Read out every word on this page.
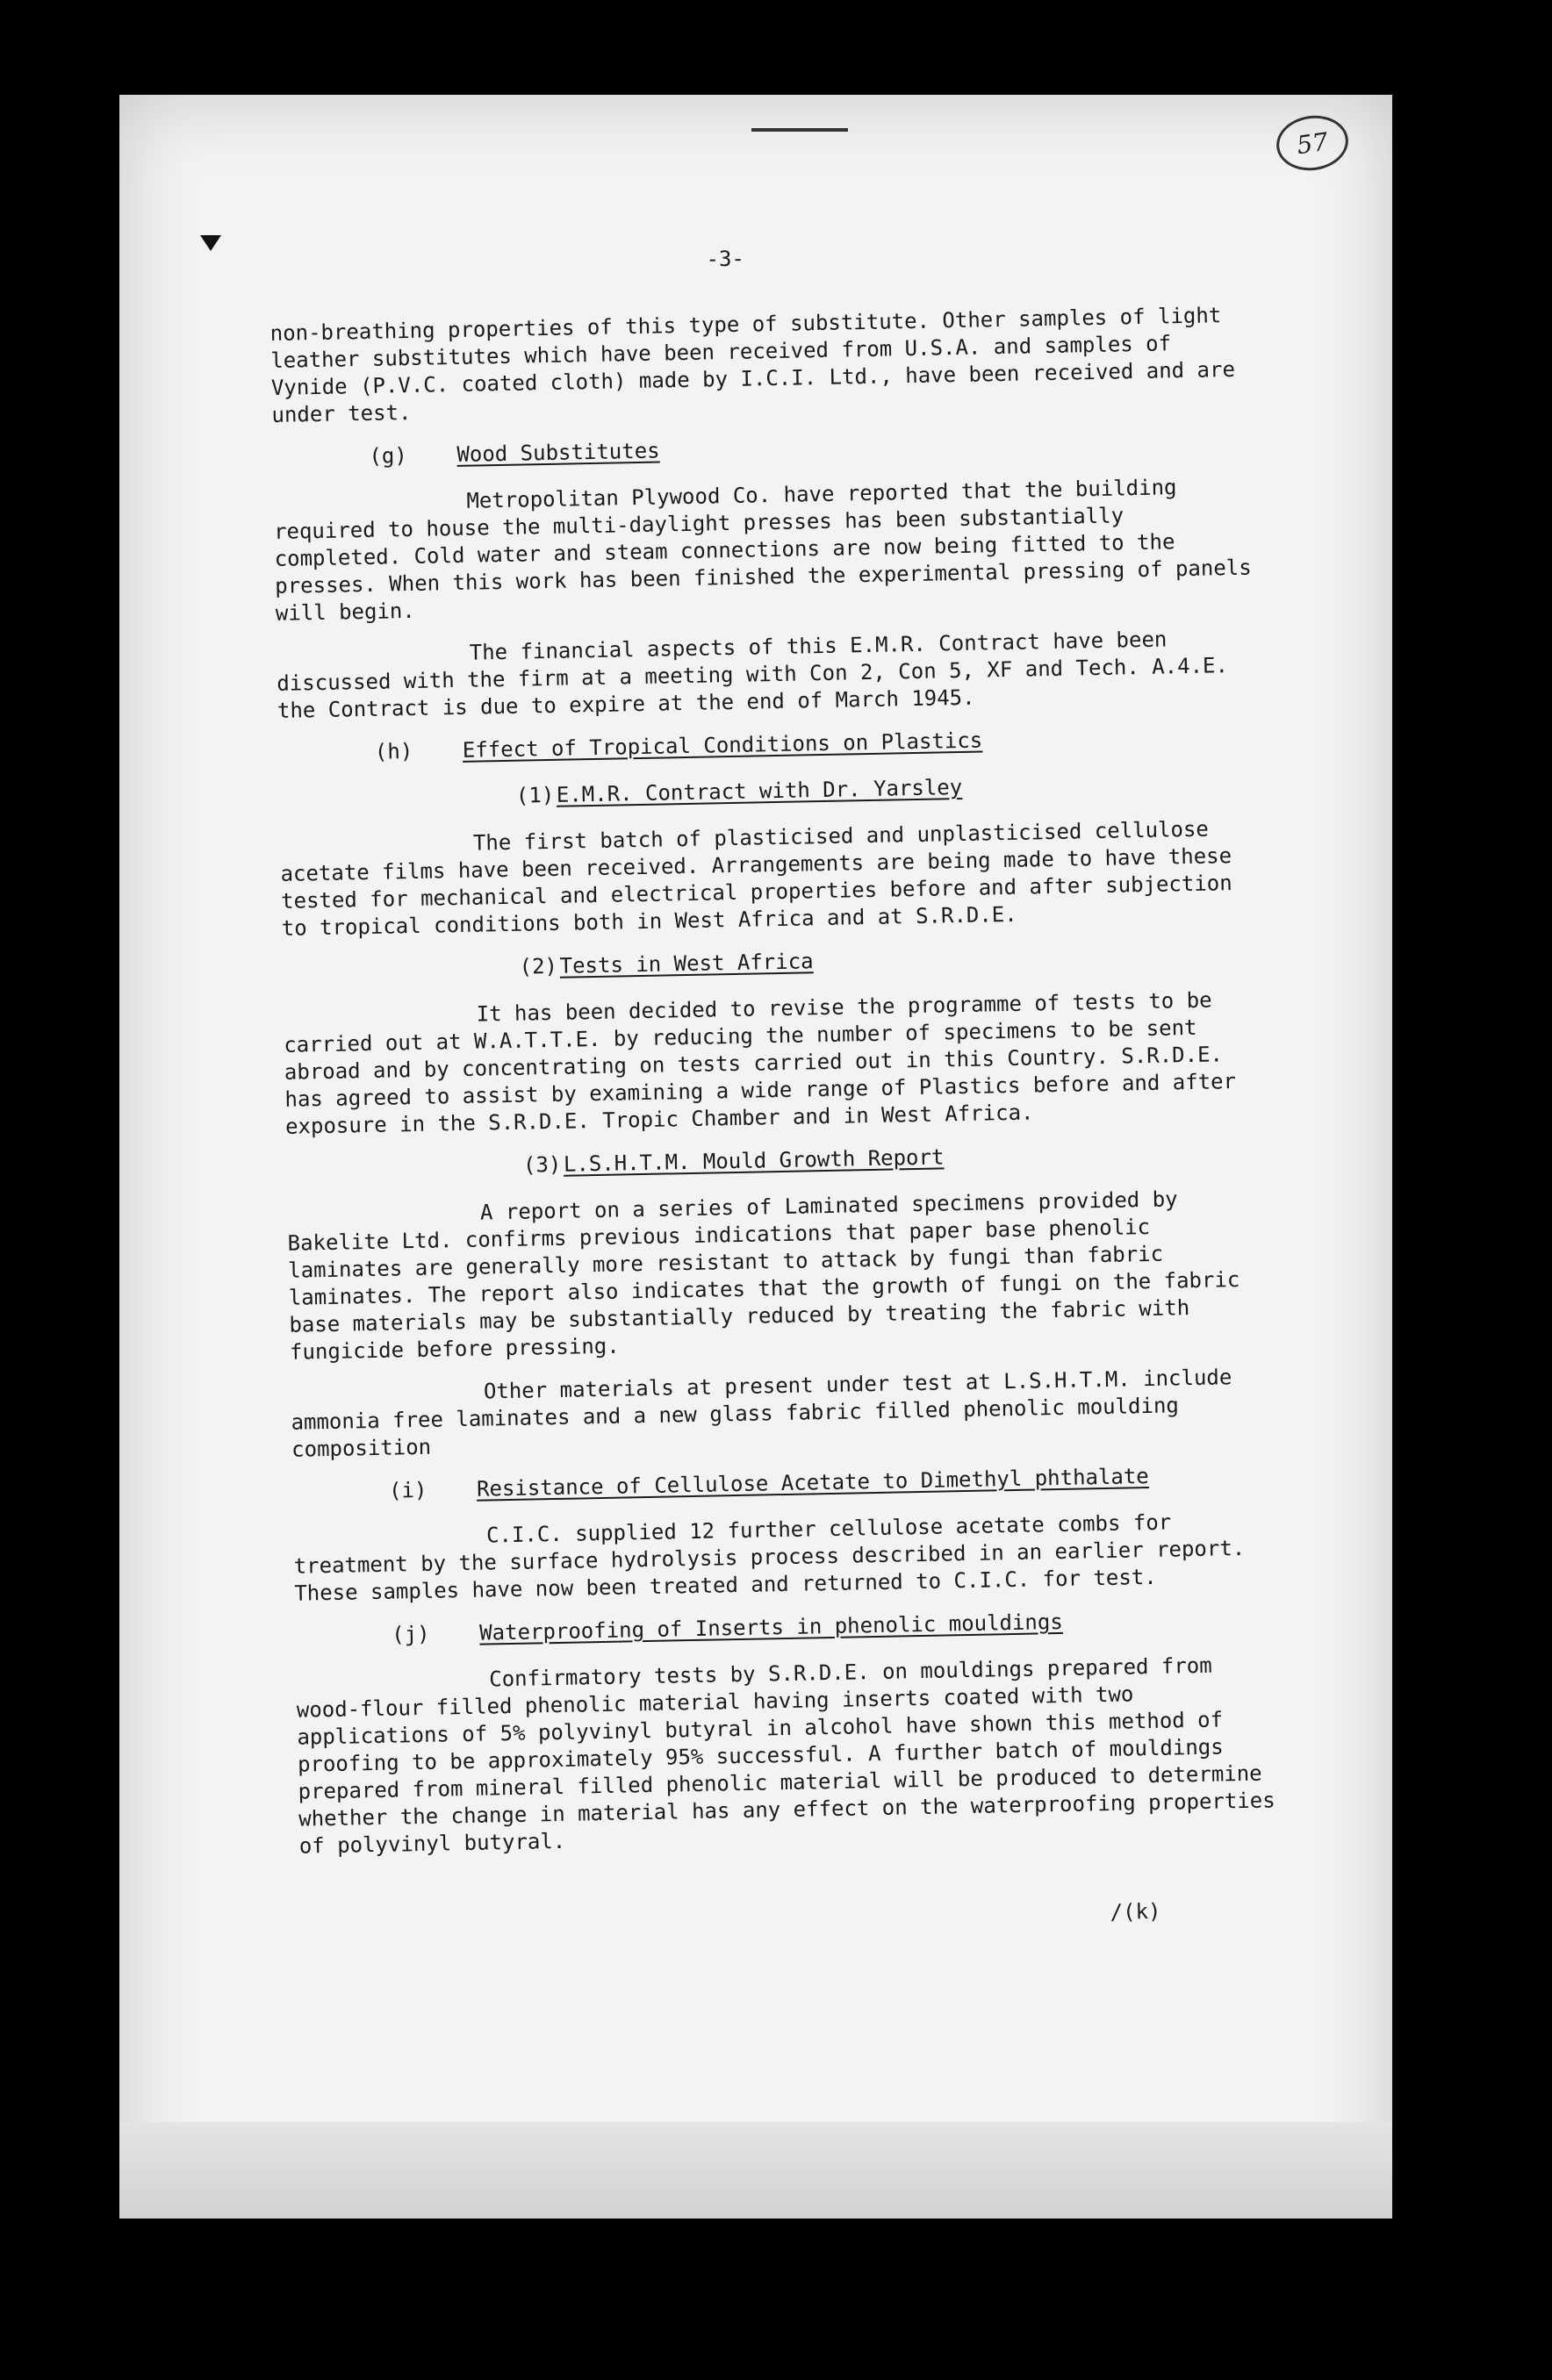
57
-3-

non-breathing properties of this type of substitute. Other samples of light leather substitutes which have been received from U.S.A. and samples of Vynide (P.V.C. coated cloth) made by I.C.I. Ltd., have been received and are under test.

(g) Wood Substitutes

Metropolitan Plywood Co. have reported that the building required to house the multi-daylight presses has been substantially completed. Cold water and steam connections are now being fitted to the presses. When this work has been finished the experimental pressing of panels will begin.

The financial aspects of this E.M.R. Contract have been discussed with the firm at a meeting with Con 2, Con 5, XF and Tech. A.4.E. the Contract is due to expire at the end of March 1945.

(h) Effect of Tropical Conditions on Plastics
(1)E.M.R. Contract with Dr. Yarsley

The first batch of plasticised and unplasticised cellulose acetate films have been received. Arrangements are being made to have these tested for mechanical and electrical properties before and after subjection to tropical conditions both in West Africa and at S.R.D.E.

(2)Tests in West Africa

It has been decided to revise the programme of tests to be carried out at W.A.T.T.E. by reducing the number of specimens to be sent abroad and by concentrating on tests carried out in this Country. S.R.D.E. has agreed to assist by examining a wide range of Plastics before and after exposure in the S.R.D.E. Tropic Chamber and in West Africa.

(3)L.S.H.T.M. Mould Growth Report

A report on a series of Laminated specimens provided by Bakelite Ltd. confirms previous indications that paper base phenolic laminates are generally more resistant to attack by fungi than fabric laminates. The report also indicates that the growth of fungi on the fabric base materials may be substantially reduced by treating the fabric with fungicide before pressing.

Other materials at present under test at L.S.H.T.M. include ammonia free laminates and a new glass fabric filled phenolic moulding composition

(i) Resistance of Cellulose Acetate to Dimethyl phthalate

C.I.C. supplied 12 further cellulose acetate combs for treatment by the surface hydrolysis process described in an earlier report. These samples have now been treated and returned to C.I.C. for test.

(j) Waterproofing of Inserts in phenolic mouldings

Confirmatory tests by S.R.D.E. on mouldings prepared from wood-flour filled phenolic material having inserts coated with two applications of 5% polyvinyl butyral in alcohol have shown this method of proofing to be approximately 95% successful. A further batch of mouldings prepared from mineral filled phenolic material will be produced to determine whether the change in material has any effect on the waterproofing properties of polyvinyl butyral.

/(k)
